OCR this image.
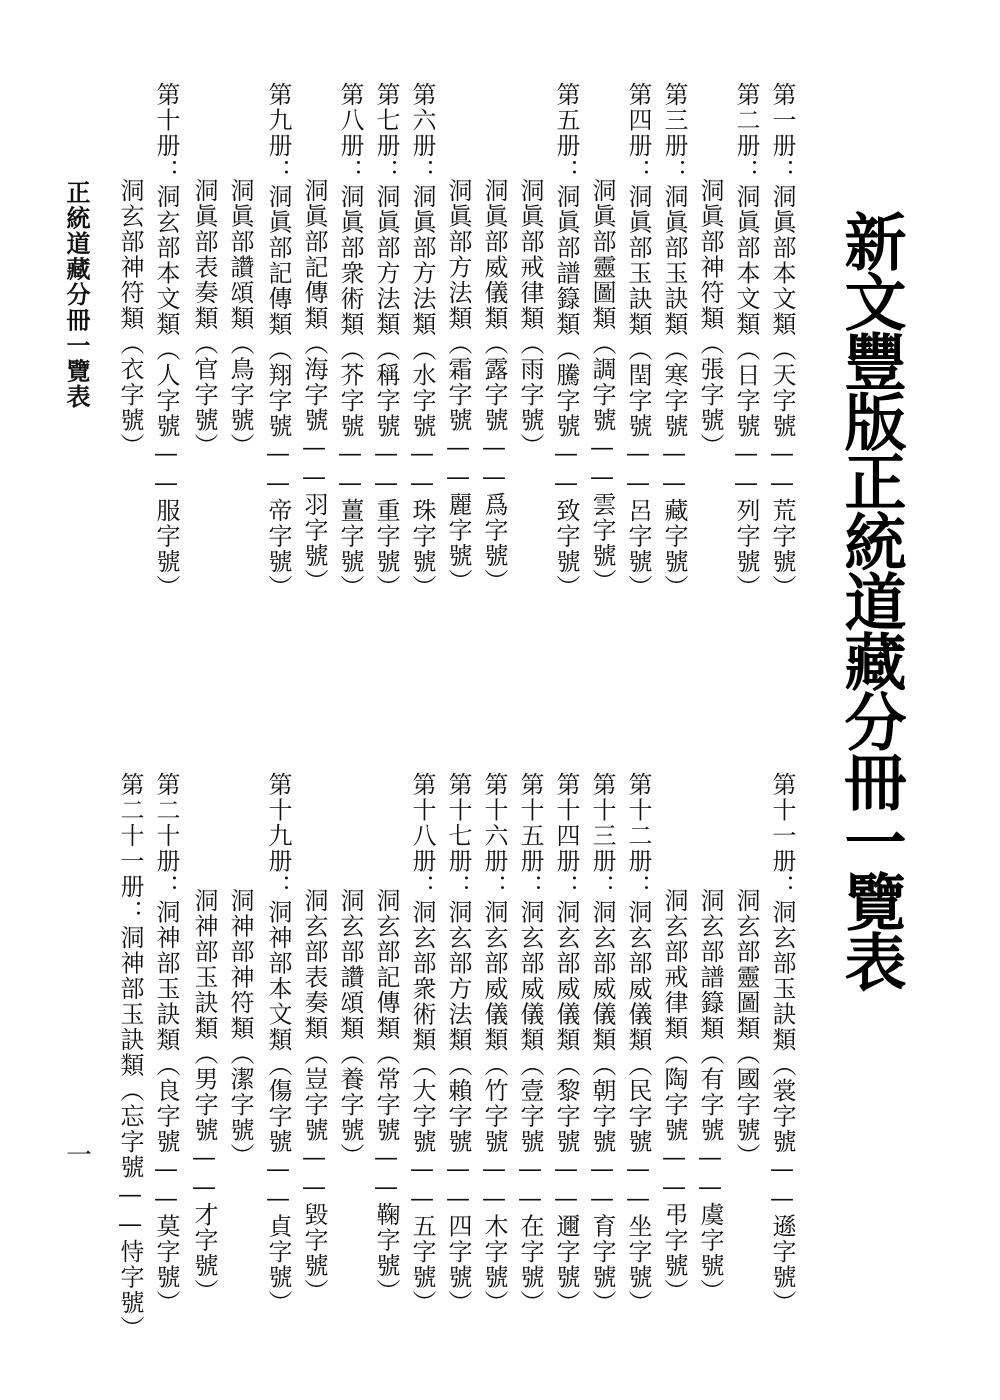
新文豐版正統道藏分冊一覽表
第一册：洞眞部本文類（天字號——荒字號）
第二册：洞眞部本文類（日字號——列字號）
洞眞部神符類（張字號）
第三册：洞眞部玉訣類（寒字號——藏字號）
第四册：洞眞部玉訣類（閏字號——呂字號）
洞眞部靈圖類（調字號——雲字號）
第五册：洞眞部譜籙類（騰字號——致字號）
洞眞部戒律類（雨字號）
洞眞部威儀類（露字號——爲字號）
洞眞部方法類（霜字號——麗字號）
第六册：洞眞部方法類（水字號——珠字號）
第七册：洞眞部方法類（稱字號——重字號）
第八册：洞眞部衆術類（芥字號——薑字號）
洞眞部記傳類（海字號——羽字號）
第九册：洞眞部記傳類（翔字號——帝字號）
洞眞部讚頌類（鳥字號）
洞眞部表奏類（官字號）
第十册：洞玄部本文類（人字號——服字號）
洞玄部神符類（衣字號）
第十一册：洞玄部玉訣類（裳字號——遜字號）
洞玄部靈圖類（國字號）
洞玄部譜籙類（有字號——虞字號）
洞玄部戒律類（陶字號——弔字號）
第十二册：洞玄部威儀類（民字號——坐字號）
第十三册：洞玄部威儀類（朝字號——育字號）
第十四册：洞玄部威儀類（黎字號——邇字號）
第十五册：洞玄部威儀類（壹字號——在字號）
第十六册：洞玄部威儀類（竹字號——木字號）
第十七册：洞玄部方法類（賴字號——四字號）
第十八册：洞玄部衆術類（大字號——五字號）
洞玄部記傳類（常字號——鞠字號）
洞玄部讚頌類（養字號）
洞玄部表奏類（豈字號——毀字號）
第十九册：洞神部本文類（傷字號——貞字號）
洞神部神符類（潔字號）
洞神部玉訣類（男字號——才字號）
第二十册：洞神部玉訣類（良字號——莫字號）
第二十一册：洞神部玉訣類（忘字號——恃字號）
正統道藏分冊一覽表
一
